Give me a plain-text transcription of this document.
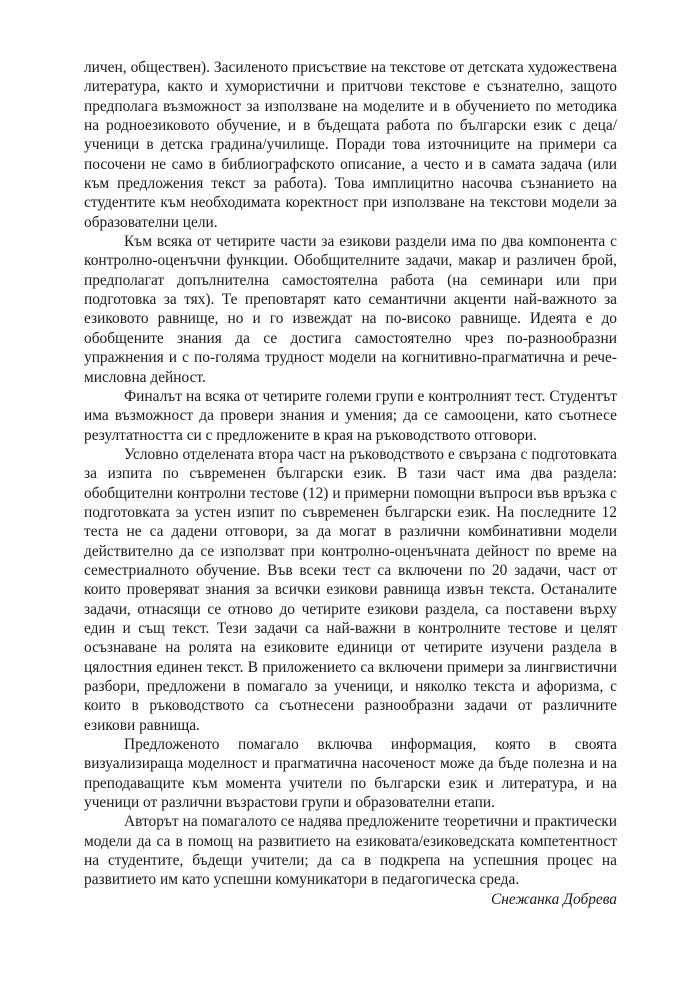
личен, обществен). Засиленото присъствие на текстове от детската художествена литература, както и хумористични и притчови текстове е съзнателно, защото предполага възможност за използване на моделите и в обучението по методика на родноезиковото обучение, и в бъдещата работа по български език с деца/ученици в детска градина/училище. Поради това източниците на примери са посочени не само в библиографското описание, а често и в самата задача (или към предложения текст за работа). Това имплицитно насочва съзнанието на студентите към необходимата коректност при използване на текстови модели за образователни цели.

Към всяка от четирите части за езикови раздели има по два компонента с контролно-оценъчни функции. Обобщителните задачи, макар и различен брой, предполагат допълнителна самостоятелна работа (на семинари или при подготовка за тях). Те преповтарят като семантични акценти най-важното за езиковото равнище, но и го извеждат на по-високо равнище. Идеята е до обобщените знания да се достига самостоятелно чрез по-разнообразни упражнения и с по-голяма трудност модели на когнитивно-прагматична и рече-мисловна дейност.

Финалът на всяка от четирите големи групи е контролният тест. Студентът има възможност да провери знания и умения; да се самооцени, като съотнесе резултатността си с предложените в края на ръководството отговори.

Условно отделената втора част на ръководството е свързана с подготовката за изпита по съвременен български език. В тази част има два раздела: обобщителни контролни тестове (12) и примерни помощни въпроси във връзка с подготовката за устен изпит по съвременен български език. На последните 12 теста не са дадени отговори, за да могат в различни комбинативни модели действително да се използват при контролно-оценъчната дейност по време на семестриалното обучение. Във всеки тест са включени по 20 задачи, част от които проверяват знания за всички езикови равнища извън текста. Останалите задачи, отнасящи се отново до четирите езикови раздела, са поставени върху един и същ текст. Тези задачи са най-важни в контролните тестове и целят осъзнаване на ролята на езиковите единици от четирите изучени раздела в цялостния единен текст. В приложението са включени примери за лингвистични разбори, предложени в помагало за ученици, и няколко текста и афоризма, с които в ръководството са съотнесени разнообразни задачи от различните езикови равнища.

Предложеното помагало включва информация, която в своята визуализираща моделност и прагматична насоченост може да бъде полезна и на преподаващите към момента учители по български език и литература, и на ученици от различни възрастови групи и образователни етапи.

Авторът на помагалото се надява предложените теоретични и практически модели да са в помощ на развитието на езиковата/езиковедската компетентност на студентите, бъдещи учители; да са в подкрепа на успешния процес на развитието им като успешни комуникатори в педагогическа среда.

Снежанка Добрева
